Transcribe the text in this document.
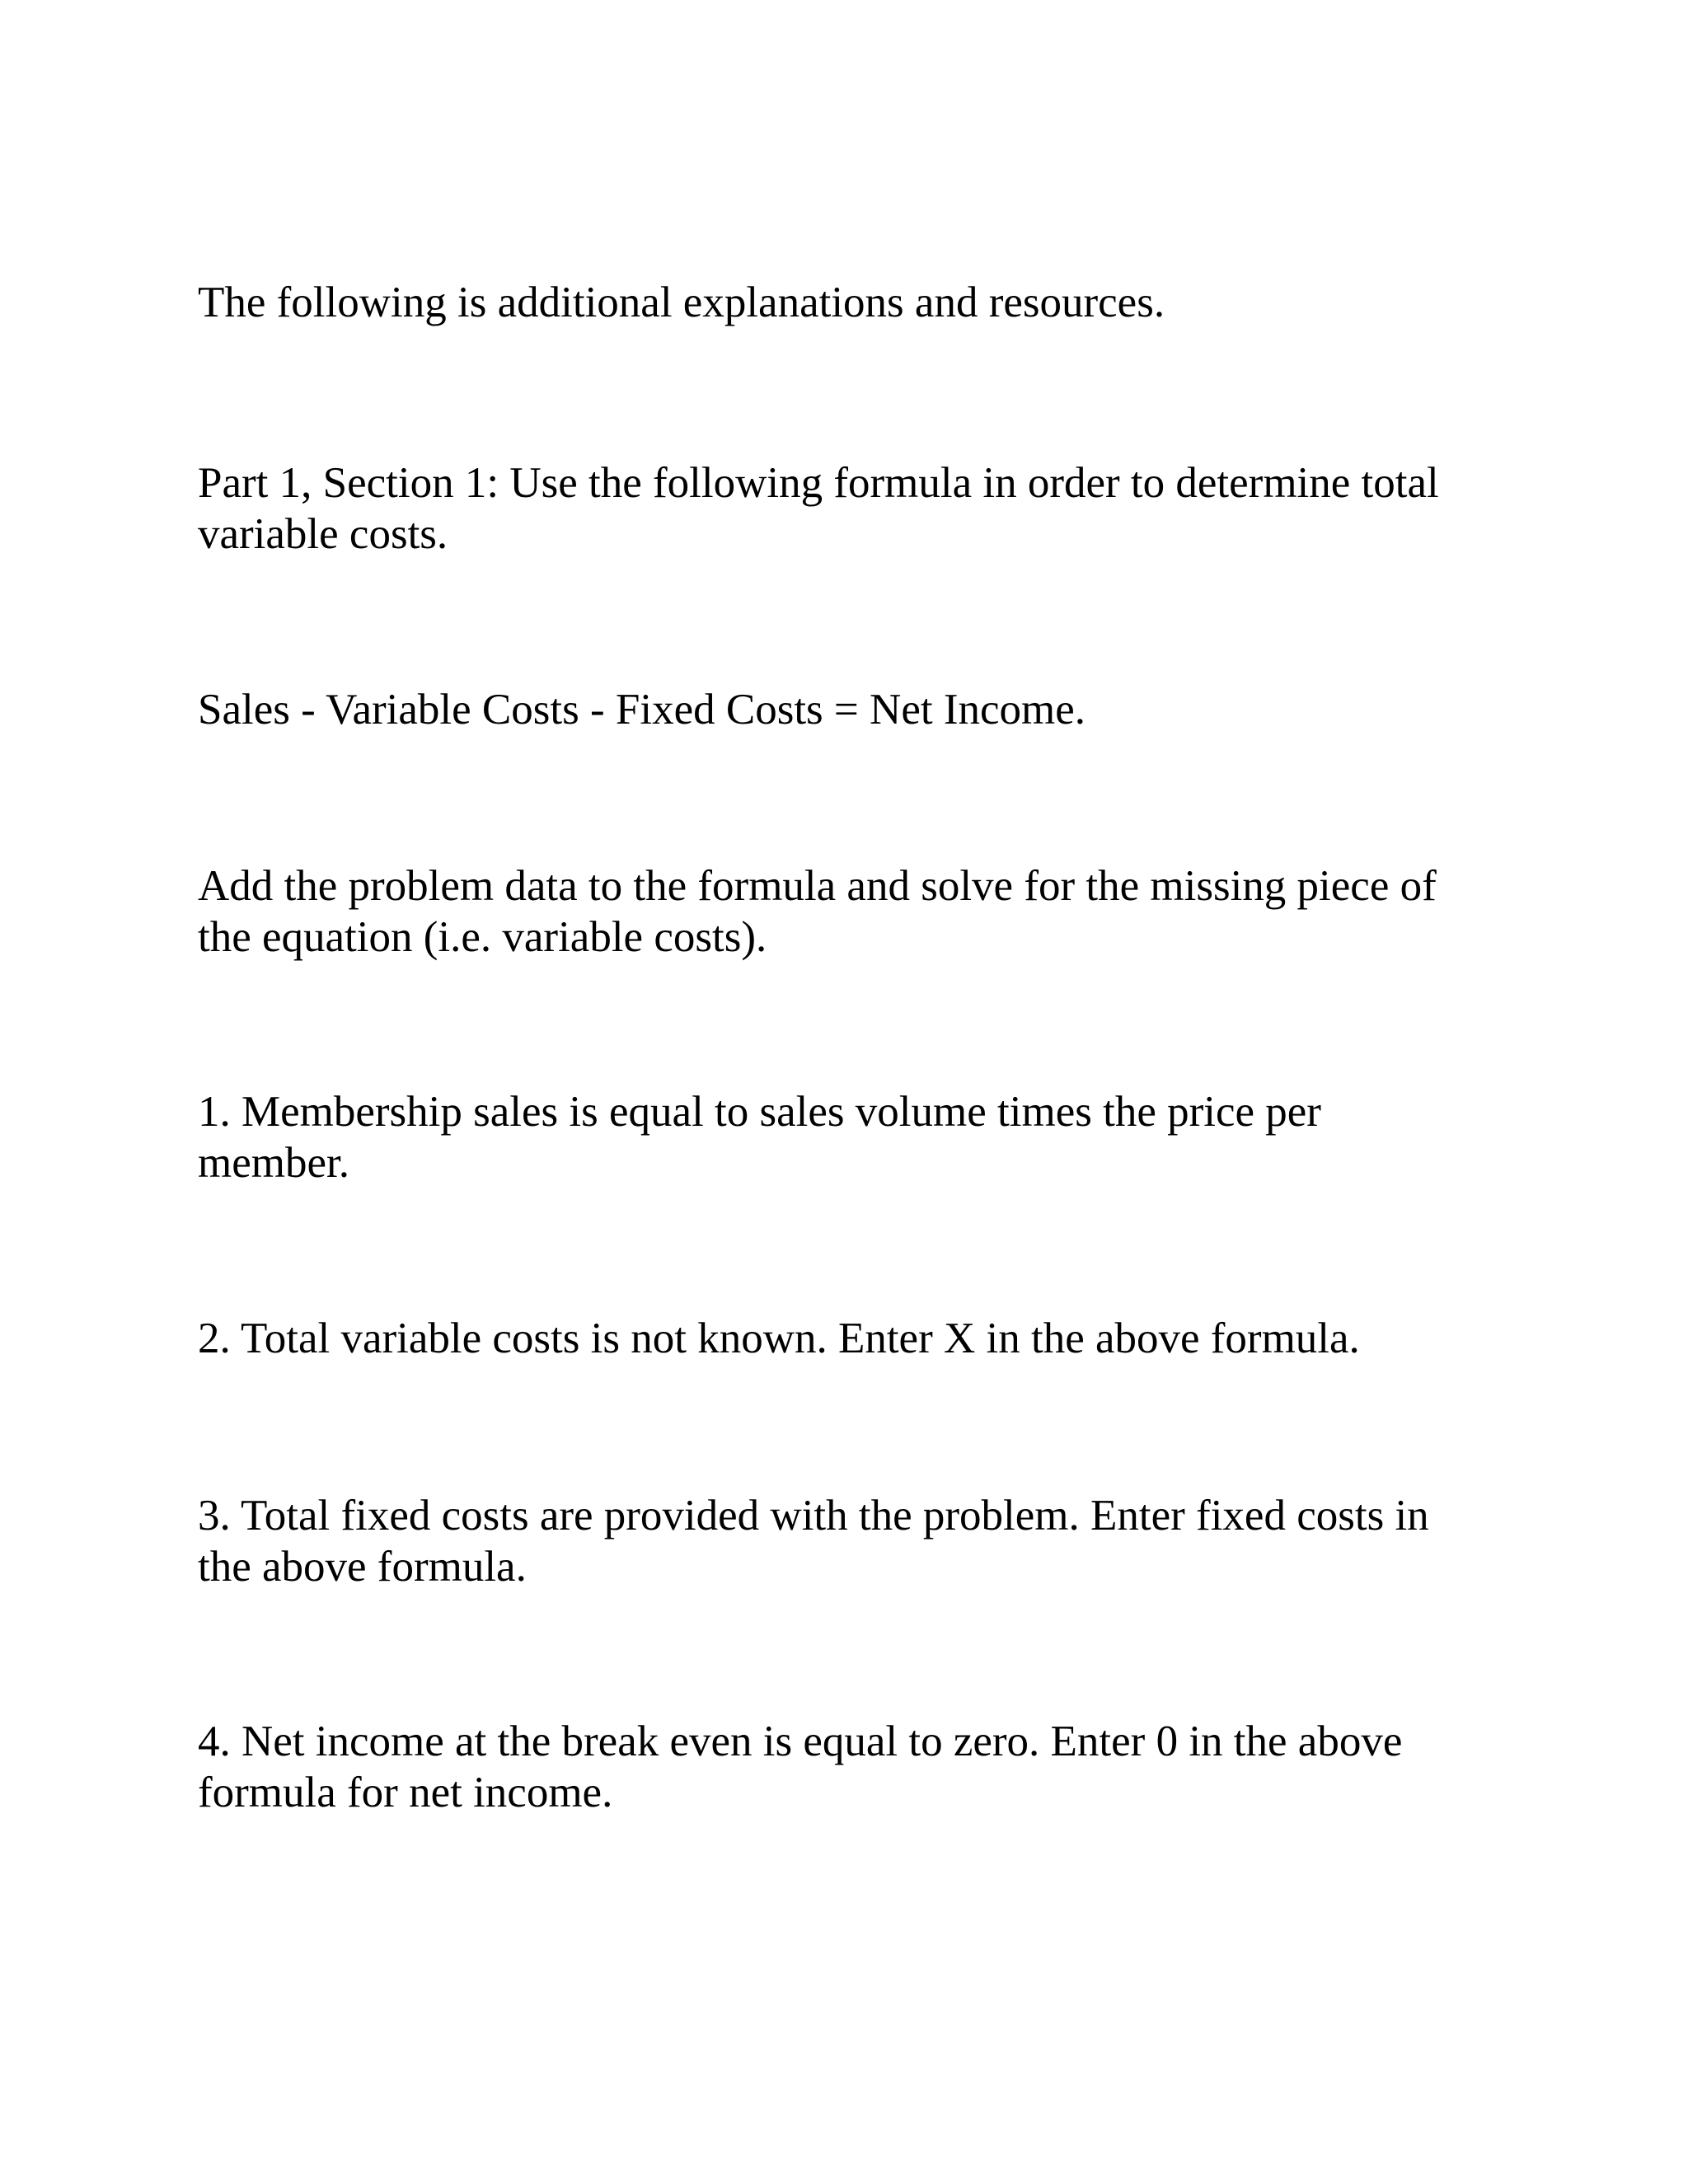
The following is additional explanations and resources.

Part 1, Section 1: Use the following formula in order to determine total
variable costs.

Sales - Variable Costs - Fixed Costs = Net Income.

Add the problem data to the formula and solve for the missing piece of
the equation (i.e. variable costs).

1. Membership sales is equal to sales volume times the price per
member.

2. Total variable costs is not known. Enter X in the above formula.

3. Total fixed costs are provided with the problem. Enter fixed costs in
the above formula.

4. Net income at the break even is equal to zero. Enter 0 in the above
formula for net income.
